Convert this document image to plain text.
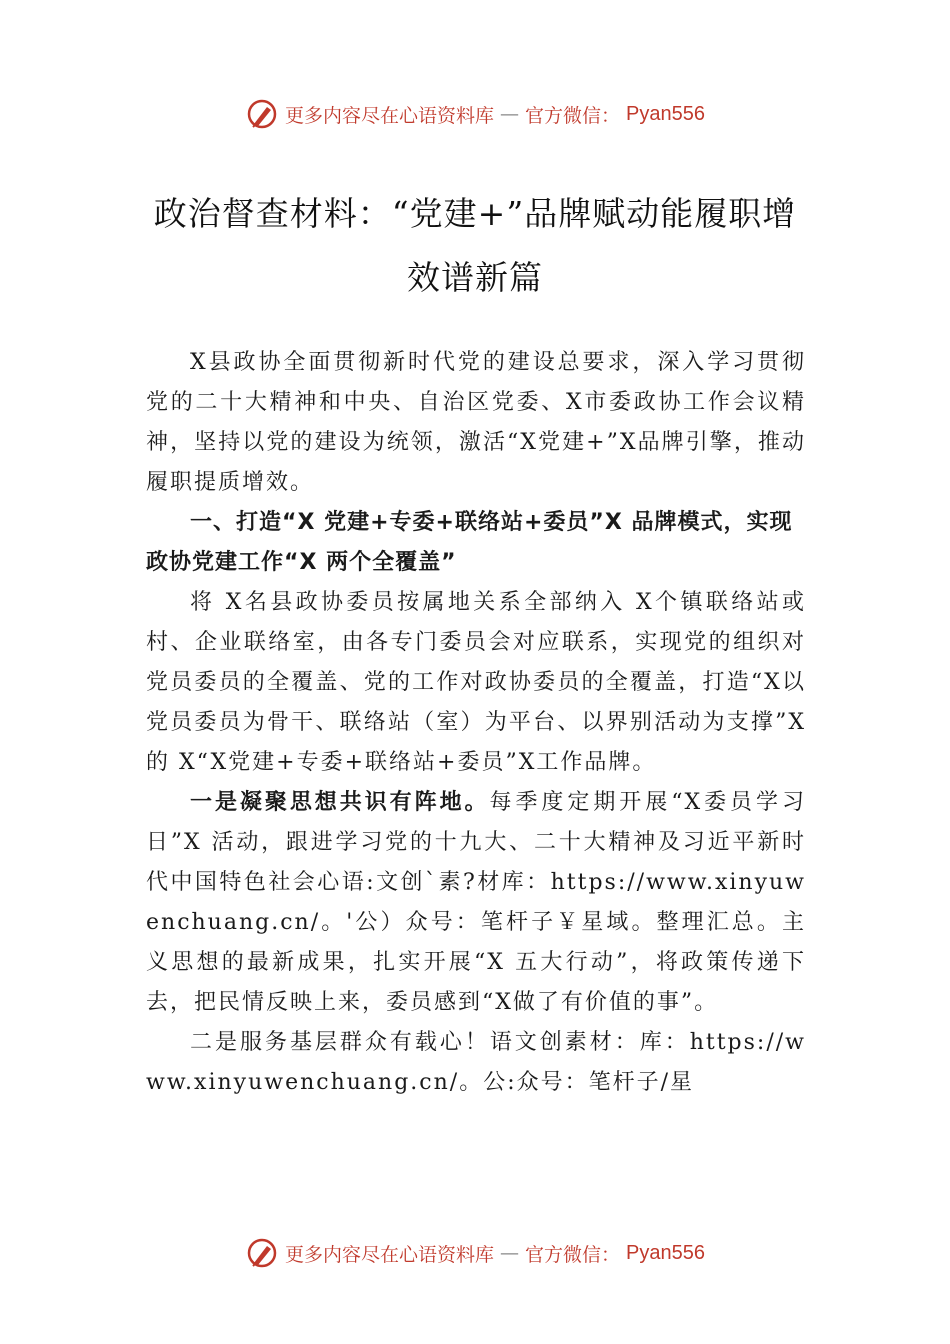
更多内容尽在心语资料库 — 官方微信： Pyan556
政治督查材料：“党建+”品牌赋动能履职增
效谱新篇

X县政协全面贯彻新时代党的建设总要求，深入学习贯彻党的二十大精神和中央、自治区党委、X市委政协工作会议精神，坚持以党的建设为统领，激活“X党建+”X品牌引擎，推动履职提质增效。

一、打造“X 党建+专委+联络站+委员”X 品牌模式，实现政协党建工作“X 两个全覆盖”

将 X名县政协委员按属地关系全部纳入 X个镇联络站或村、企业联络室，由各专门委员会对应联系，实现党的组织对党员委员的全覆盖、党的工作对政协委员的全覆盖，打造“X以党员委员为骨干、联络站（室）为平台、以界别活动为支撑”X的 X“X党建+专委+联络站+委员”X工作品牌。

一是凝聚思想共识有阵地。每季度定期开展“X委员学习日”X 活动，跟进学习党的十九大、二十大精神及习近平新时代中国特色社会心语:文创`素?材库：https://www.xinyuwenchuang.cn/。'公）众号：笔杆子￥星域。整理汇总。主义思想的最新成果，扎实开展“X 五大行动”，将政策传递下去，把民情反映上来，委员感到“X做了有价值的事”。

二是服务基层群众有载心！语文创素材：库：https://www.xinyuwenchuang.cn/。公:众号：笔杆子/星

更多内容尽在心语资料库 — 官方微信： Pyan556
